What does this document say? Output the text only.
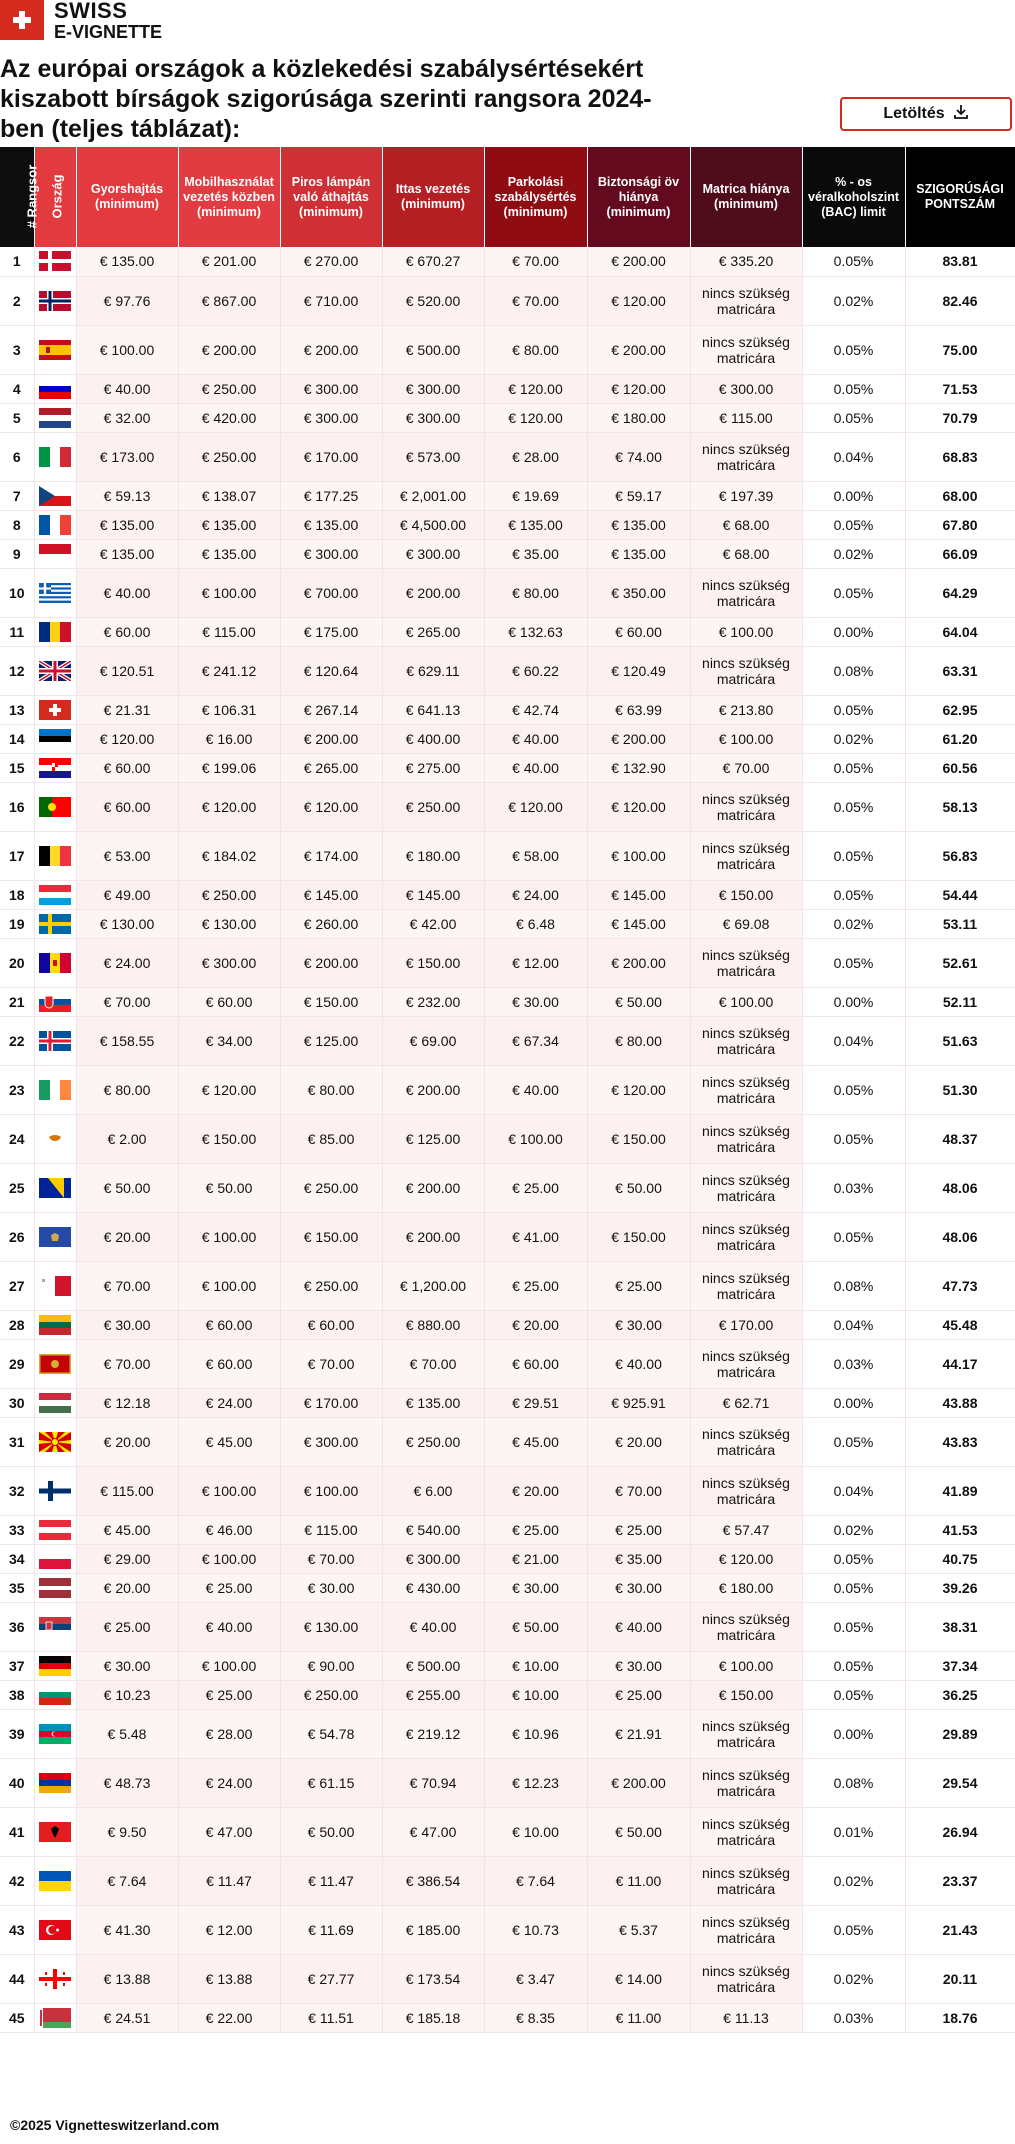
SWISS
E-VIGNETTE
Az európai országok a közlekedési szabálysértésekért kiszabott bírságok szigorúsága szerinti rangsora 2024-ben (teljes táblázat):
Letöltés
# Rangsor	Ország	Gyorshajtás (minimum)	Mobilhasználat vezetés közben (minimum)	Piros lámpán való áthajtás (minimum)	Ittas vezetés (minimum)	Parkolási szabálysértés (minimum)	Biztonsági öv hiánya (minimum)	Matrica hiánya (minimum)	% - os véralkoholszint (BAC) limit	SZIGORÚSÁGI PONTSZÁM
1		€ 135.00	€ 201.00	€ 270.00	€ 670.27	€ 70.00	€ 200.00	€ 335.20	0.05%	83.81
2		€ 97.76	€ 867.00	€ 710.00	€ 520.00	€ 70.00	€ 120.00	nincs szükség matricára	0.02%	82.46
3		€ 100.00	€ 200.00	€ 200.00	€ 500.00	€ 80.00	€ 200.00	nincs szükség matricára	0.05%	75.00
4		€ 40.00	€ 250.00	€ 300.00	€ 300.00	€ 120.00	€ 120.00	€ 300.00	0.05%	71.53
5		€ 32.00	€ 420.00	€ 300.00	€ 300.00	€ 120.00	€ 180.00	€ 115.00	0.05%	70.79
6		€ 173.00	€ 250.00	€ 170.00	€ 573.00	€ 28.00	€ 74.00	nincs szükség matricára	0.04%	68.83
7		€ 59.13	€ 138.07	€ 177.25	€ 2,001.00	€ 19.69	€ 59.17	€ 197.39	0.00%	68.00
8		€ 135.00	€ 135.00	€ 135.00	€ 4,500.00	€ 135.00	€ 135.00	€ 68.00	0.05%	67.80
9		€ 135.00	€ 135.00	€ 300.00	€ 300.00	€ 35.00	€ 135.00	€ 68.00	0.02%	66.09
10		€ 40.00	€ 100.00	€ 700.00	€ 200.00	€ 80.00	€ 350.00	nincs szükség matricára	0.05%	64.29
11		€ 60.00	€ 115.00	€ 175.00	€ 265.00	€ 132.63	€ 60.00	€ 100.00	0.00%	64.04
12		€ 120.51	€ 241.12	€ 120.64	€ 629.11	€ 60.22	€ 120.49	nincs szükség matricára	0.08%	63.31
13		€ 21.31	€ 106.31	€ 267.14	€ 641.13	€ 42.74	€ 63.99	€ 213.80	0.05%	62.95
14		€ 120.00	€ 16.00	€ 200.00	€ 400.00	€ 40.00	€ 200.00	€ 100.00	0.02%	61.20
15		€ 60.00	€ 199.06	€ 265.00	€ 275.00	€ 40.00	€ 132.90	€ 70.00	0.05%	60.56
16		€ 60.00	€ 120.00	€ 120.00	€ 250.00	€ 120.00	€ 120.00	nincs szükség matricára	0.05%	58.13
17		€ 53.00	€ 184.02	€ 174.00	€ 180.00	€ 58.00	€ 100.00	nincs szükség matricára	0.05%	56.83
18		€ 49.00	€ 250.00	€ 145.00	€ 145.00	€ 24.00	€ 145.00	€ 150.00	0.05%	54.44
19		€ 130.00	€ 130.00	€ 260.00	€ 42.00	€ 6.48	€ 145.00	€ 69.08	0.02%	53.11
20		€ 24.00	€ 300.00	€ 200.00	€ 150.00	€ 12.00	€ 200.00	nincs szükség matricára	0.05%	52.61
21		€ 70.00	€ 60.00	€ 150.00	€ 232.00	€ 30.00	€ 50.00	€ 100.00	0.00%	52.11
22		€ 158.55	€ 34.00	€ 125.00	€ 69.00	€ 67.34	€ 80.00	nincs szükség matricára	0.04%	51.63
23		€ 80.00	€ 120.00	€ 80.00	€ 200.00	€ 40.00	€ 120.00	nincs szükség matricára	0.05%	51.30
24		€ 2.00	€ 150.00	€ 85.00	€ 125.00	€ 100.00	€ 150.00	nincs szükség matricára	0.05%	48.37
25		€ 50.00	€ 50.00	€ 250.00	€ 200.00	€ 25.00	€ 50.00	nincs szükség matricára	0.03%	48.06
26		€ 20.00	€ 100.00	€ 150.00	€ 200.00	€ 41.00	€ 150.00	nincs szükség matricára	0.05%	48.06
27		€ 70.00	€ 100.00	€ 250.00	€ 1,200.00	€ 25.00	€ 25.00	nincs szükség matricára	0.08%	47.73
28		€ 30.00	€ 60.00	€ 60.00	€ 880.00	€ 20.00	€ 30.00	€ 170.00	0.04%	45.48
29		€ 70.00	€ 60.00	€ 70.00	€ 70.00	€ 60.00	€ 40.00	nincs szükség matricára	0.03%	44.17
30		€ 12.18	€ 24.00	€ 170.00	€ 135.00	€ 29.51	€ 925.91	€ 62.71	0.00%	43.88
31		€ 20.00	€ 45.00	€ 300.00	€ 250.00	€ 45.00	€ 20.00	nincs szükség matricára	0.05%	43.83
32		€ 115.00	€ 100.00	€ 100.00	€ 6.00	€ 20.00	€ 70.00	nincs szükség matricára	0.04%	41.89
33		€ 45.00	€ 46.00	€ 115.00	€ 540.00	€ 25.00	€ 25.00	€ 57.47	0.02%	41.53
34		€ 29.00	€ 100.00	€ 70.00	€ 300.00	€ 21.00	€ 35.00	€ 120.00	0.05%	40.75
35		€ 20.00	€ 25.00	€ 30.00	€ 430.00	€ 30.00	€ 30.00	€ 180.00	0.05%	39.26
36		€ 25.00	€ 40.00	€ 130.00	€ 40.00	€ 50.00	€ 40.00	nincs szükség matricára	0.05%	38.31
37		€ 30.00	€ 100.00	€ 90.00	€ 500.00	€ 10.00	€ 30.00	€ 100.00	0.05%	37.34
38		€ 10.23	€ 25.00	€ 250.00	€ 255.00	€ 10.00	€ 25.00	€ 150.00	0.05%	36.25
39		€ 5.48	€ 28.00	€ 54.78	€ 219.12	€ 10.96	€ 21.91	nincs szükség matricára	0.00%	29.89
40		€ 48.73	€ 24.00	€ 61.15	€ 70.94	€ 12.23	€ 200.00	nincs szükség matricára	0.08%	29.54
41		€ 9.50	€ 47.00	€ 50.00	€ 47.00	€ 10.00	€ 50.00	nincs szükség matricára	0.01%	26.94
42		€ 7.64	€ 11.47	€ 11.47	€ 386.54	€ 7.64	€ 11.00	nincs szükség matricára	0.02%	23.37
43		€ 41.30	€ 12.00	€ 11.69	€ 185.00	€ 10.73	€ 5.37	nincs szükség matricára	0.05%	21.43
44		€ 13.88	€ 13.88	€ 27.77	€ 173.54	€ 3.47	€ 14.00	nincs szükség matricára	0.02%	20.11
45		€ 24.51	€ 22.00	€ 11.51	€ 185.18	€ 8.35	€ 11.00	€ 11.13	0.03%	18.76
©2025 Vignetteswitzerland.com
